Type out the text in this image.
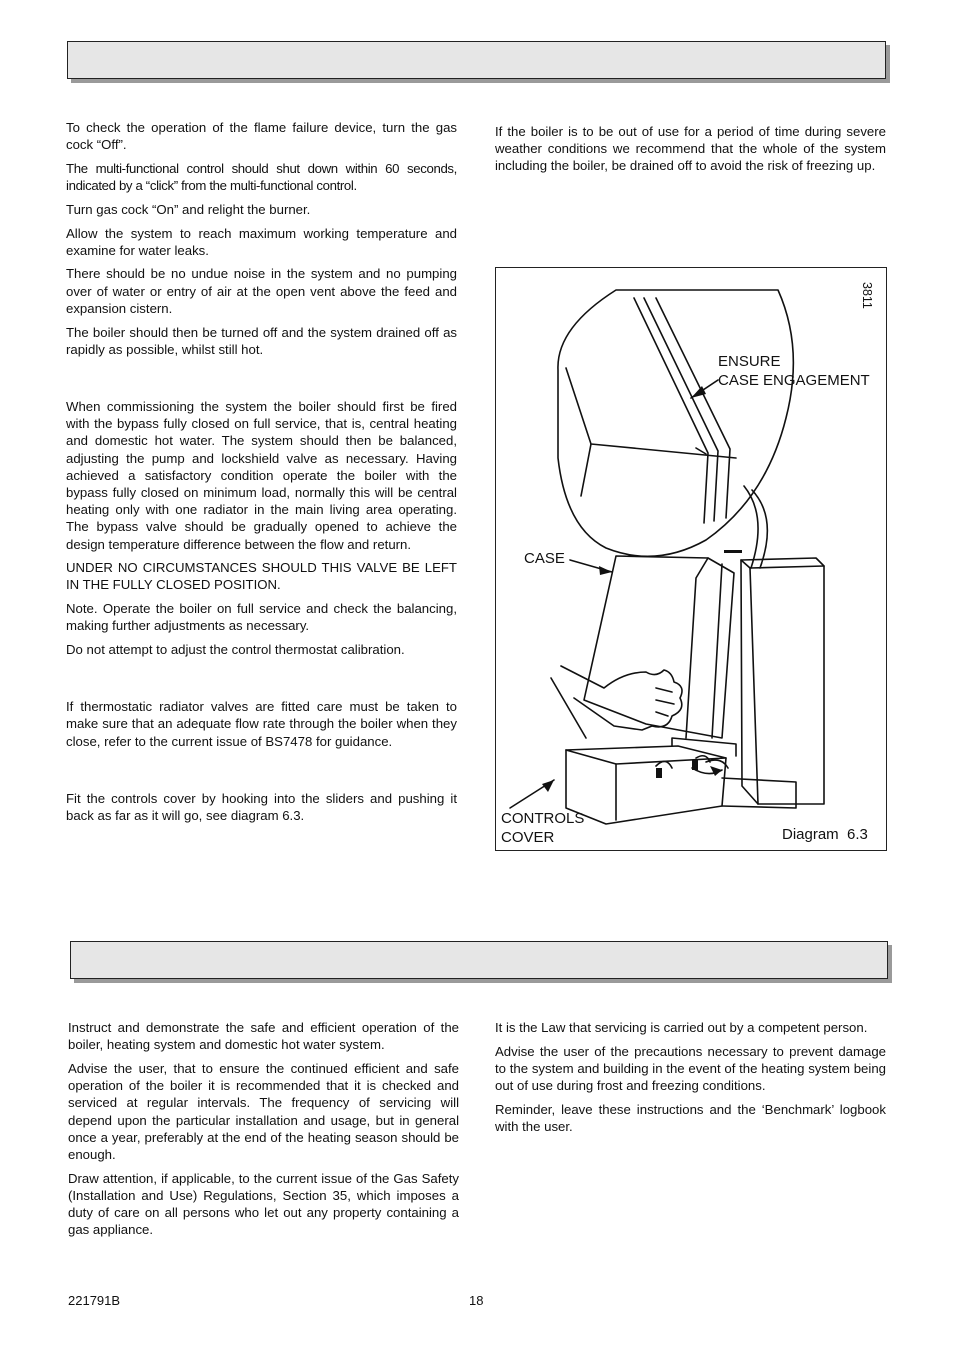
To check the operation of the flame failure device, turn the gas cock “Off”.

The multi-functional control should shut down within 60 seconds, indicated by a “click” from the multi-functional control.

Turn gas cock “On” and relight the burner.

Allow the system to reach maximum working temperature and examine for water leaks.

There should be no undue noise in the system and no pumping over of water or entry of air at the open vent above the feed and expansion cistern.

The boiler should then be turned off and the system drained off as rapidly as possible, whilst still hot.

When commissioning the system the boiler should first be fired with the bypass fully closed on full service, that is, central heating and domestic hot water. The system should then be balanced, adjusting the pump and lockshield valve as necessary. Having achieved a satisfactory condition operate the boiler with the bypass fully closed on minimum load, normally this will be central heating only with one radiator in the main living area operating. The bypass valve should be gradually opened to achieve the design temperature difference between the flow and return.

UNDER NO CIRCUMSTANCES SHOULD THIS VALVE BE LEFT IN THE FULLY CLOSED POSITION.

Note. Operate the boiler on full service and check the balancing, making further adjustments as necessary.

Do not attempt to adjust the control thermostat calibration.

If thermostatic radiator valves are fitted care must be taken to make sure that an adequate flow rate through the boiler when they close, refer to the current issue of BS7478 for guidance.

Fit the controls cover by hooking into the sliders and pushing it back as far as it will go, see diagram 6.3.

If the boiler is to be out of use for a period of time during severe weather conditions we recommend that the whole of the system including the boiler, be drained off to avoid the risk of freezing up.

3811
ENSURE
CASE ENGAGEMENT
CASE
CONTROLS
COVER	Diagram  6.3

Instruct and demonstrate the safe and efficient operation of the boiler, heating system and domestic hot water system.

Advise the user, that to ensure the continued efficient and safe operation of the boiler it is recommended that it is checked and serviced at regular intervals. The frequency of servicing will depend upon the particular installation and usage, but in general once a year, preferably at the end of the heating season should be enough.

Draw attention, if applicable, to the current issue of the Gas Safety (Installation and Use) Regulations, Section 35, which imposes a duty of care on all persons who let out any property containing a gas appliance.

It is the Law that servicing is carried out by a competent person.

Advise the user of the precautions necessary to prevent damage to the system and building in the event of the heating system being out of use during frost and freezing conditions.

Reminder, leave these instructions and the ‘Benchmark’ logbook with the user.

221791B	18
